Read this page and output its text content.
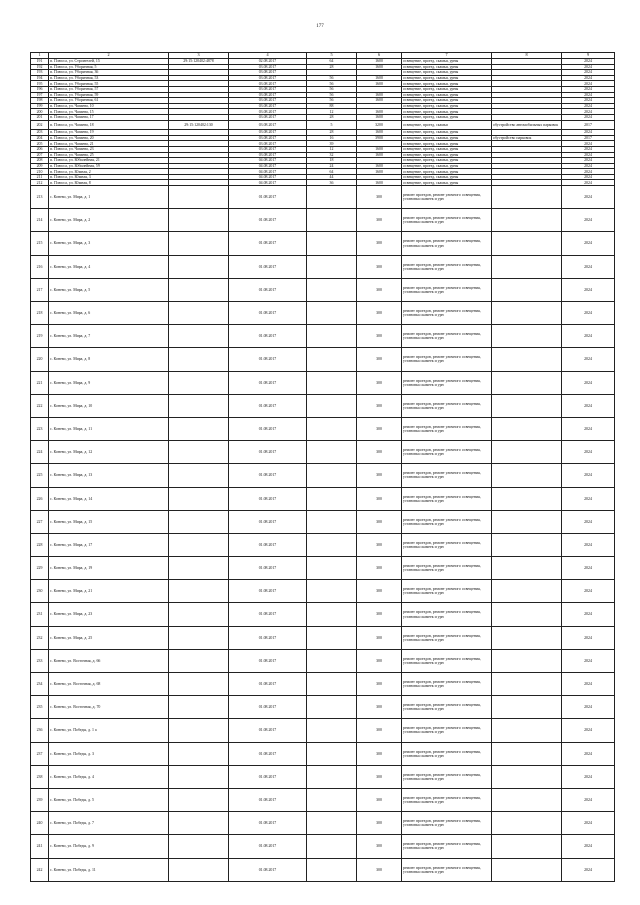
177
1	2	3	4	5	6	7	8	9
191	п. Плюсса, ул. Строителей, 15	29:15:120402:4878	02.08.2017	64	1600	освещение, проезд, скамьи, урны		2024
192	п. Плюсса, ул. Уборичная, 5		03.08.2017	28	1600	освещение, проезд, скамьи, урны		2024
193	п. Плюсса, ул. Уборичная, 36		03.08.2017			освещение, проезд, скамьи, урны		2024
194	п. Плюсса, ул. Уборичная, 53		03.08.2017	56	1600	освещение, проезд, скамьи, урны		2024
195	п. Плюсса, ул. Уборичная, 55		03.08.2017	56	1600	освещение, проезд, скамьи, урны		2024
196	п. Плюсса, ул. Уборичная, 57		03.08.2017	56		освещение, проезд, скамьи, урны		2024
197	п. Плюсса, ул. Уборичная, 59		03.08.2017	56	1600	освещение, проезд, скамьи, урны		2024
198	п. Плюсса, ул. Уборичная, 61		03.08.2017	56	1600	освещение, проезд, скамьи, урны		2024
199	п. Плюсса, ул. Чапаева, 10		03.08.2017	88		освещение, проезд, скамьи, урны		2024
200	п. Плюсса, ул. Чапаева, 15		03.08.2017	12	1600	освещение, проезд, скамьи, урны		2024
201	п. Плюсса, ул. Чапаева, 17		03.08.2017	28	1600	освещение, проезд, скамьи, урны		2024
202	п. Плюсса, ул. Чапаева, 18	29:15:120402:130	03.08.2017	5	3200	освещение, проезд, скамьи	обустройство автомобильных парковок	2017
203	п. Плюсса, ул. Чапаева, 19		03.08.2017	28	1600	освещение, проезд, скамьи, урны		2024
204	п. Плюсса, ул. Чапаева, 20		03.08.2017	16	3900	освещение, проезд, скамьи, урны	обустройство парковок	2017
205	п. Плюсса, ул. Чапаева, 21		03.08.2017	39		освещение, проезд, скамьи, урны		2024
206	п. Плюсса, ул. Чапаева, 23		03.08.2017	12	1600	освещение, проезд, скамьи, урны		2024
207	п. Плюсса, ул. Чапаева, 25		03.08.2017	32	1600	освещение, проезд, скамьи, урны		2024
208	п. Плюсса, ул. Юбилейная, 21		04.08.2017	18		освещение, проезд, скамьи, урны		2024
209	п. Плюсса, ул. Юбилейная, 59		04.08.2017	24	1600	освещение, проезд, скамьи, урны		2024
210	п. Плюсса, ул. Южная, 2		04.08.2017	64	1600	освещение, проезд, скамьи, урны		2024
211	п. Плюсса, ул. Южная, 3		04.08.2017	44		освещение, проезд, скамьи, урны		2024
212	п. Плюсса, ул. Южная, 8		04.08.2017	36	1600	освещение, проезд, скамьи, урны		2024
213	с. Конево, ул. Мира, д. 1		01.08.2017		300	ремонт проездов, ремонт уличного освещения, установка скамеек и урн		2024
214	с. Конево, ул. Мира, д. 2		01.08.2017		300	ремонт проездов, ремонт уличного освещения, установка скамеек и урн		2024
215	с. Конево, ул. Мира, д. 3		01.08.2017		300	ремонт проездов, ремонт уличного освещения, установка скамеек и урн		2024
216	с. Конево, ул. Мира, д. 4		01.08.2017		300	ремонт проездов, ремонт уличного освещения, установка скамеек и урн		2024
217	с. Конево, ул. Мира, д. 5		01.08.2017		300	ремонт проездов, ремонт уличного освещения, установка скамеек и урн		2024
218	с. Конево, ул. Мира, д. 6		01.08.2017		300	ремонт проездов, ремонт уличного освещения, установка скамеек и урн		2024
219	с. Конево, ул. Мира, д. 7		01.08.2017		300	ремонт проездов, ремонт уличного освещения, установка скамеек и урн		2024
220	с. Конево, ул. Мира, д. 8		01.08.2017		300	ремонт проездов, ремонт уличного освещения, установка скамеек и урн		2024
221	с. Конево, ул. Мира, д. 9		01.08.2017		300	ремонт проездов, ремонт уличного освещения, установка скамеек и урн		2024
222	с. Конево, ул. Мира, д. 10		01.08.2017		300	ремонт проездов, ремонт уличного освещения, установка скамеек и урн		2024
223	с. Конево, ул. Мира, д. 11		01.08.2017		300	ремонт проездов, ремонт уличного освещения, установка скамеек и урн		2024
224	с. Конево, ул. Мира, д. 12		01.08.2017		300	ремонт проездов, ремонт уличного освещения, установка скамеек и урн		2024
225	с. Конево, ул. Мира, д. 13		01.08.2017		300	ремонт проездов, ремонт уличного освещения, установка скамеек и урн		2024
226	с. Конево, ул. Мира, д. 14		01.08.2017		300	ремонт проездов, ремонт уличного освещения, установка скамеек и урн		2024
227	с. Конево, ул. Мира, д. 15		01.08.2017		300	ремонт проездов, ремонт уличного освещения, установка скамеек и урн		2024
228	с. Конево, ул. Мира, д. 17		01.08.2017		300	ремонт проездов, ремонт уличного освещения, установка скамеек и урн		2024
229	с. Конево, ул. Мира, д. 19		01.08.2017		300	ремонт проездов, ремонт уличного освещения, установка скамеек и урн		2024
230	с. Конево, ул. Мира, д. 21		01.08.2017		300	ремонт проездов, ремонт уличного освещения, установка скамеек и урн		2024
231	с. Конево, ул. Мира, д. 23		01.08.2017		300	ремонт проездов, ремонт уличного освещения, установка скамеек и урн		2024
232	с. Конево, ул. Мира, д. 25		01.08.2017		300	ремонт проездов, ремонт уличного освещения, установка скамеек и урн		2024
233	с. Конево, ул. Восточная, д. 66		01.08.2017		300	ремонт проездов, ремонт уличного освещения, установка скамеек и урн		2024
234	с. Конево, ул. Восточная, д. 68		01.08.2017		300	ремонт проездов, ремонт уличного освещения, установка скамеек и урн		2024
235	с. Конево, ул. Восточная, д. 70		01.08.2017		300	ремонт проездов, ремонт уличного освещения, установка скамеек и урн		2024
236	с. Конево, ул. Победы, д. 1 а		01.08.2017		300	ремонт проездов, ремонт уличного освещения, установка скамеек и урн		2024
237	с. Конево, ул. Победы, д. 3		01.08.2017		300	ремонт проездов, ремонт уличного освещения, установка скамеек и урн		2024
238	с. Конево, ул. Победы, д. 4		01.08.2017		300	ремонт проездов, ремонт уличного освещения, установка скамеек и урн		2024
239	с. Конево, ул. Победы, д. 5		01.08.2017		300	ремонт проездов, ремонт уличного освещения, установка скамеек и урн		2024
240	с. Конево, ул. Победы, д. 7		01.08.2017		300	ремонт проездов, ремонт уличного освещения, установка скамеек и урн		2024
241	с. Конево, ул. Победы, д. 9		01.08.2017		300	ремонт проездов, ремонт уличного освещения, установка скамеек и урн		2024
242	с. Конево, ул. Победы, д. 11		01.08.2017		300	ремонт проездов, ремонт уличного освещения, установка скамеек и урн		2024
